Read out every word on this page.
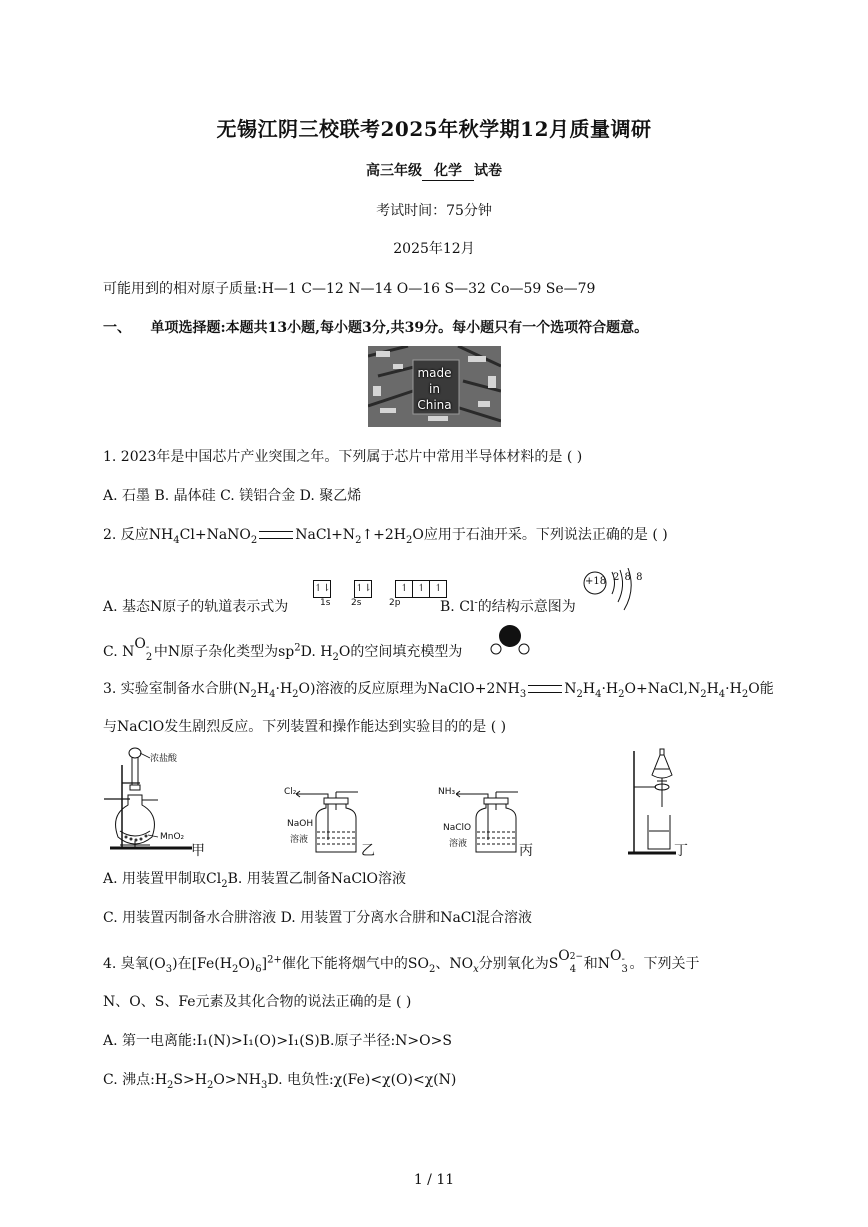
无锡江阴三校联考2025年秋学期12月质量调研
高三年级 化学 试卷
考试时间：75分钟
2025年12月
可能用到的相对原子质量:H—1 C—12 N—14 O—16 S—32 Co—59 Se—79
一、 单项选择题:本题共13小题,每小题3分,共39分。每小题只有一个选项符合题意。
made
in
China
1. 2023年是中国芯片产业突围之年。下列属于芯片中常用半导体材料的是 ( )
A. 石墨 B. 晶体硅 C. 镁铝合金 D. 聚乙烯
2. 反应$NH_4Cl+NaNO_2$	$NaCl+N_2↑+2H_2O$应用于石油开采。下列说法正确的是 ( )
A. 基态N原子的轨道表示式为
↿⇂ ↿⇂	↿ ↿ ↿
1s 2s	2p	B. Cl-的结构示意图为
+18 2 8 8
C. NO -
2 中N原子杂化类型为$sp^2D$. $H_2O$的空间填充模型为
3. 实验室制备水合肼$(N_2H_4\cdot H_2O)$溶液的反应原理为$NaClO+2NH_3$	$N_2H_4\cdot H_2O+NaCl,N_2H_4\cdot H_2O$能
与NaClO发生剧烈反应。下列装置和操作能达到实验目的的是 ( )
浓盐酸
MnO₂
甲
Cl₂
NaOH
溶液
乙
NH₃
NaClO
溶液	丙	丁
A. 用装置甲制取$Cl_2B$. 用装置乙制备NaClO溶液
C. 用装置丙制备水合肼溶液 D. 用装置丁分离水合肼和NaCl混合溶液
4. 臭氧$(O_3)$在$[Fe(H_2O)_6]^{2+}$催化下能将烟气中的$SO_2$、$NO_x$分别氧化为SO 2−
4 和NO -
3 。下列关于
N、O、S、Fe元素及其化合物的说法正确的是 ( )
A. 第一电离能:I₁(N)>I₁(O)>I₁(S)B.原子半径:N>O>S
C. 沸点$:H_2S>H_2O>NH_3D$. 电负性:χ(Fe)<χ(O)<χ(N)
1 / 11
